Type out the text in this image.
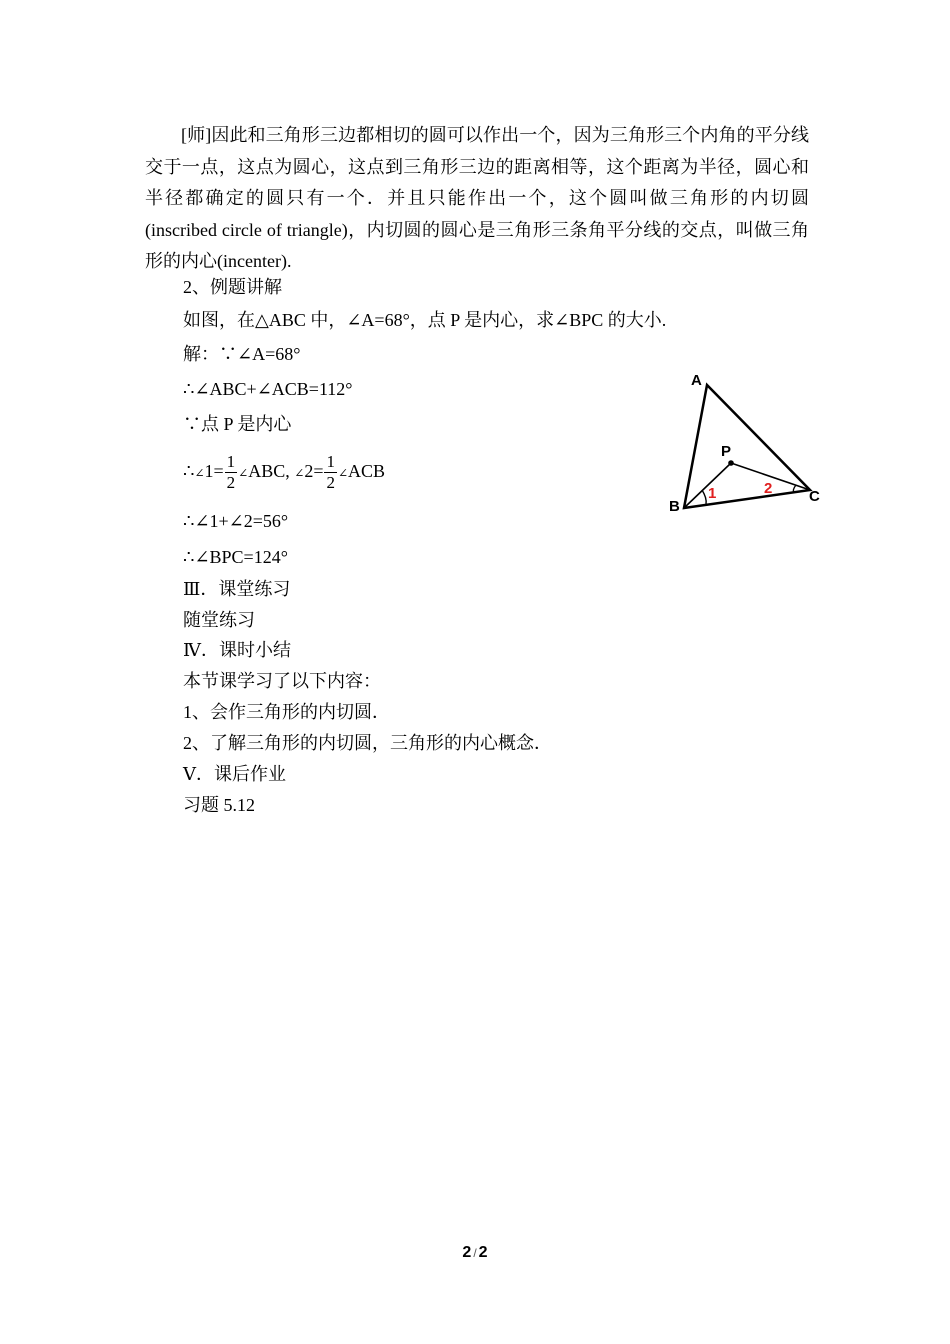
[师]因此和三角形三边都相切的圆可以作出一个，因为三角形三个内角的平分线交于一点，这点为圆心，这点到三角形三边的距离相等，这个距离为半径，圆心和半径都确定的圆只有一个．并且只能作出一个，这个圆叫做三角形的内切圆(inscribed circle of triangle)，内切圆的圆心是三角形三条角平分线的交点，叫做三角形的内心(incenter).

2、例题讲解
如图，在△ABC 中，∠A=68°，点 P 是内心，求∠BPC 的大小.
解：∵∠A=68°
∴∠ABC+∠ACB=112°
∵点 P 是内心
∴∠1= $\frac{1}{2}$ ∠ABC, ∠2= $\frac{1}{2}$ ∠ACB
∴∠1+∠2=56°
∴∠BPC=124°
Ⅲ．课堂练习
随堂练习
Ⅳ．课时小结
本节课学习了以下内容：
1、会作三角形的内切圆．
2、了解三角形的内切圆，三角形的内心概念．
Ⅴ．课后作业
习题 5.12
A
B
C
P
1	2
2 / 2
